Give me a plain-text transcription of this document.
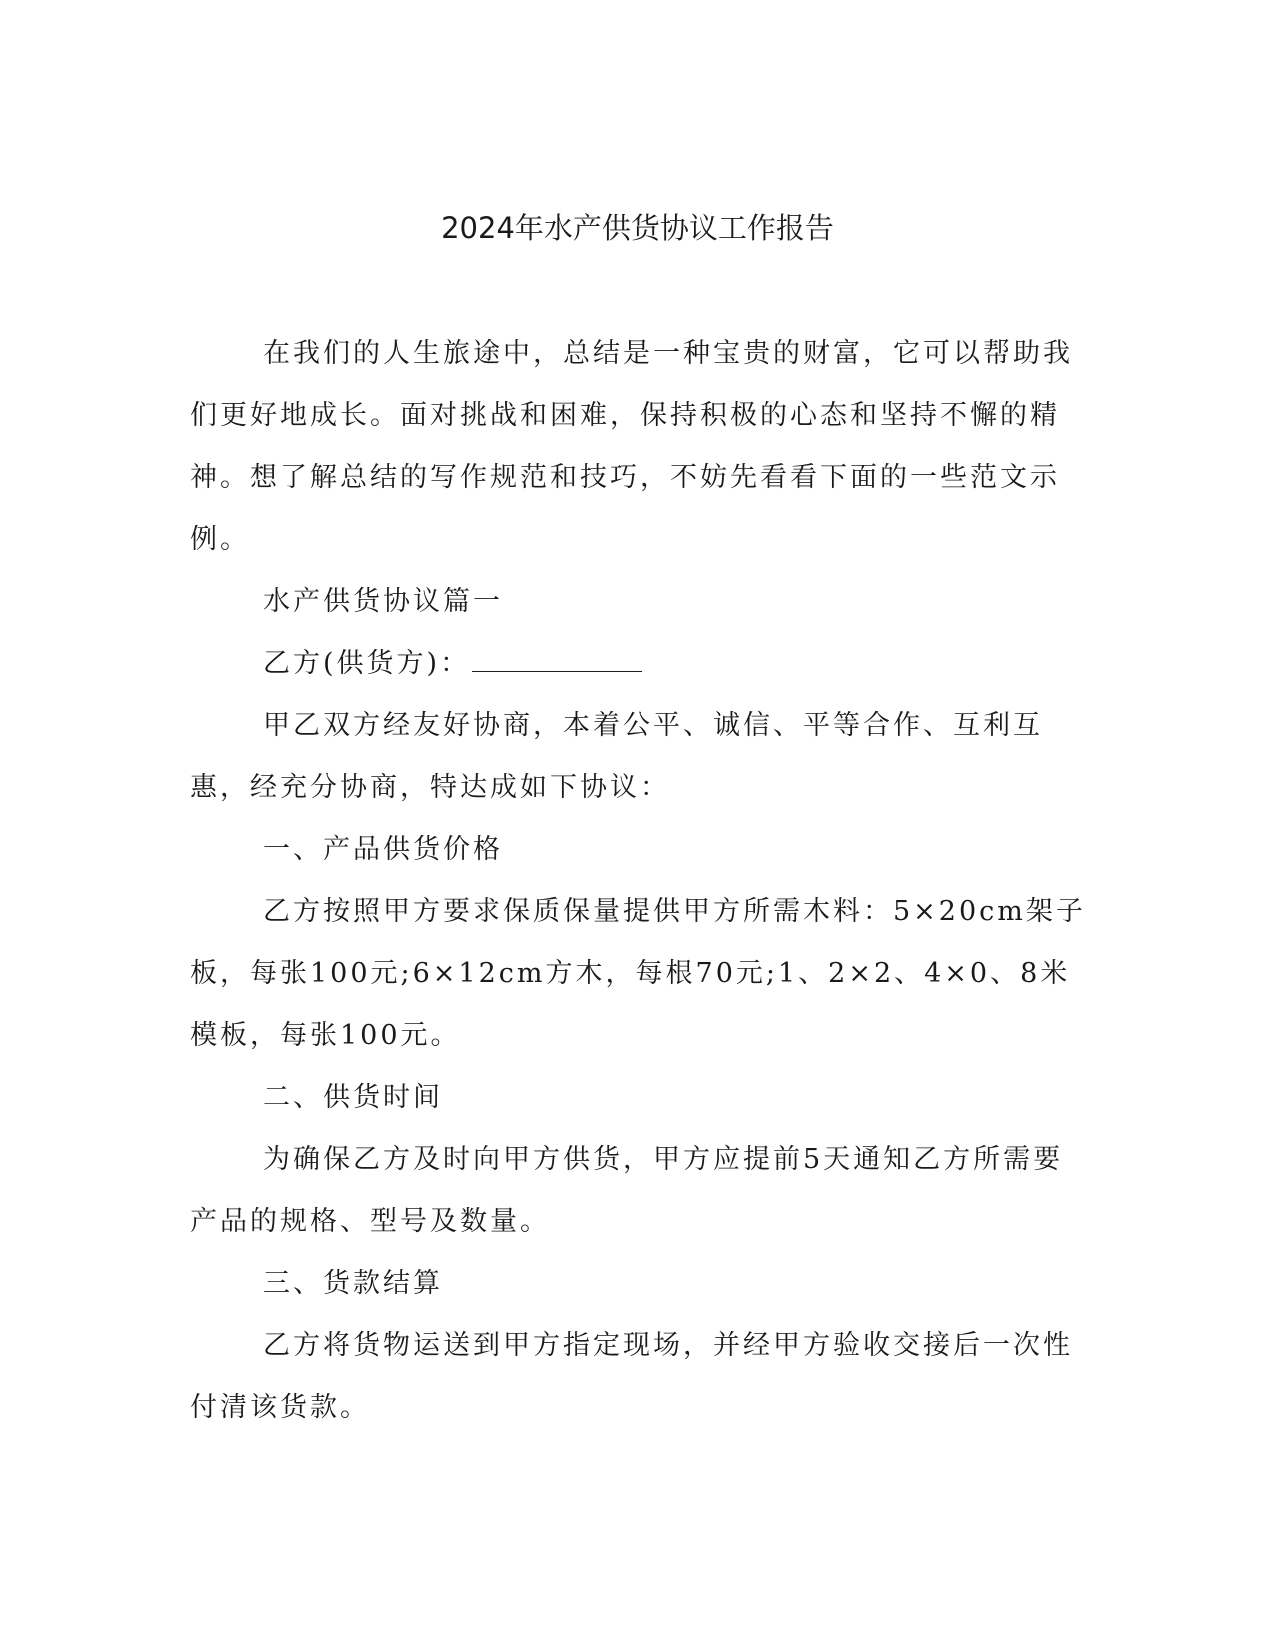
2024年水产供货协议工作报告

在我们的人生旅途中，总结是一种宝贵的财富，它可以帮助我们更好地成长。面对挑战和困难，保持积极的心态和坚持不懈的精神。想了解总结的写作规范和技巧，不妨先看看下面的一些范文示例。

水产供货协议篇一

乙方(供货方)：

甲乙双方经友好协商，本着公平、诚信、平等合作、互利互惠，经充分协商，特达成如下协议：

一、产品供货价格

乙方按照甲方要求保质保量提供甲方所需木料：5×20cm架子板，每张100元;6×12cm方木，每根70元;1、2×2、4×0、8米模板，每张100元。

二、供货时间

为确保乙方及时向甲方供货，甲方应提前5天通知乙方所需要产品的规格、型号及数量。

三、货款结算

乙方将货物运送到甲方指定现场，并经甲方验收交接后一次性付清该货款。
